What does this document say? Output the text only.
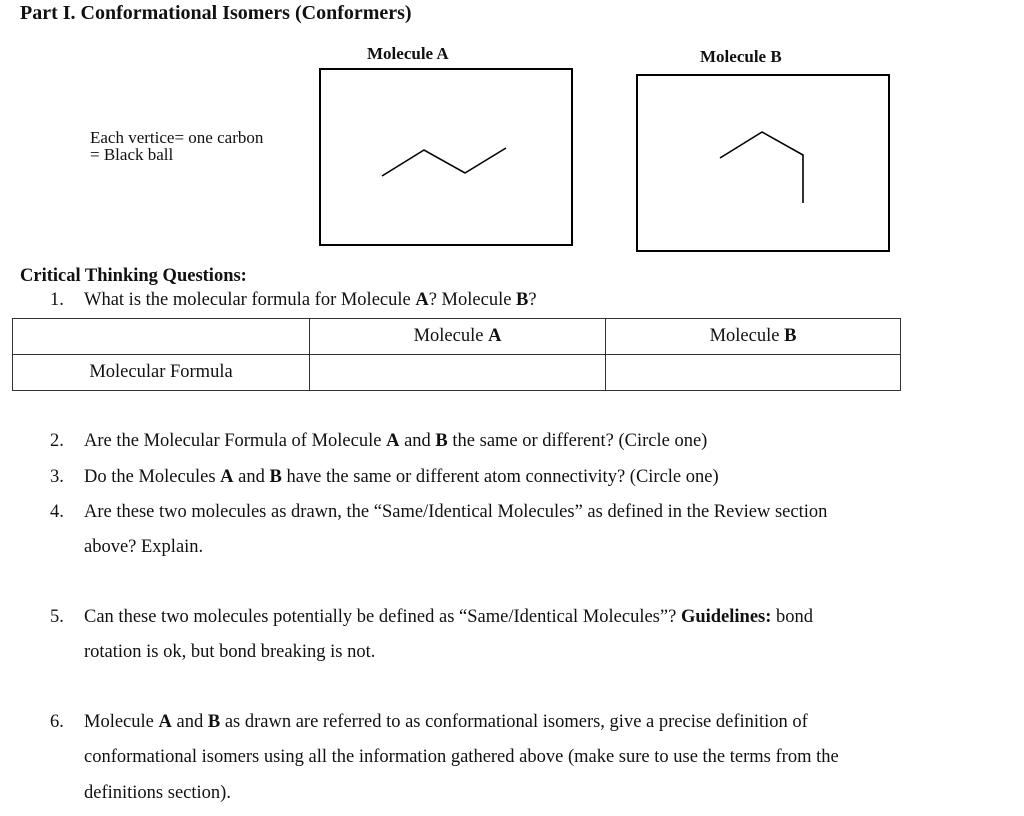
Part I. Conformational Isomers (Conformers)
Molecule A	Molecule B
Each vertice= one carbon
= Black ball
Critical Thinking Questions:
1. What is the molecular formula for Molecule A? Molecule B?
	Molecule A	Molecule B
Molecular Formula		
2. Are the Molecular Formula of Molecule A and B the same or different? (Circle one)
3. Do the Molecules A and B have the same or different atom connectivity? (Circle one)
4. Are these two molecules as drawn, the “Same/Identical Molecules” as defined in the Review section
above? Explain.
5. Can these two molecules potentially be defined as “Same/Identical Molecules”? Guidelines: bond
rotation is ok, but bond breaking is not.
6. Molecule A and B as drawn are referred to as conformational isomers, give a precise definition of
conformational isomers using all the information gathered above (make sure to use the terms from the
definitions section).
